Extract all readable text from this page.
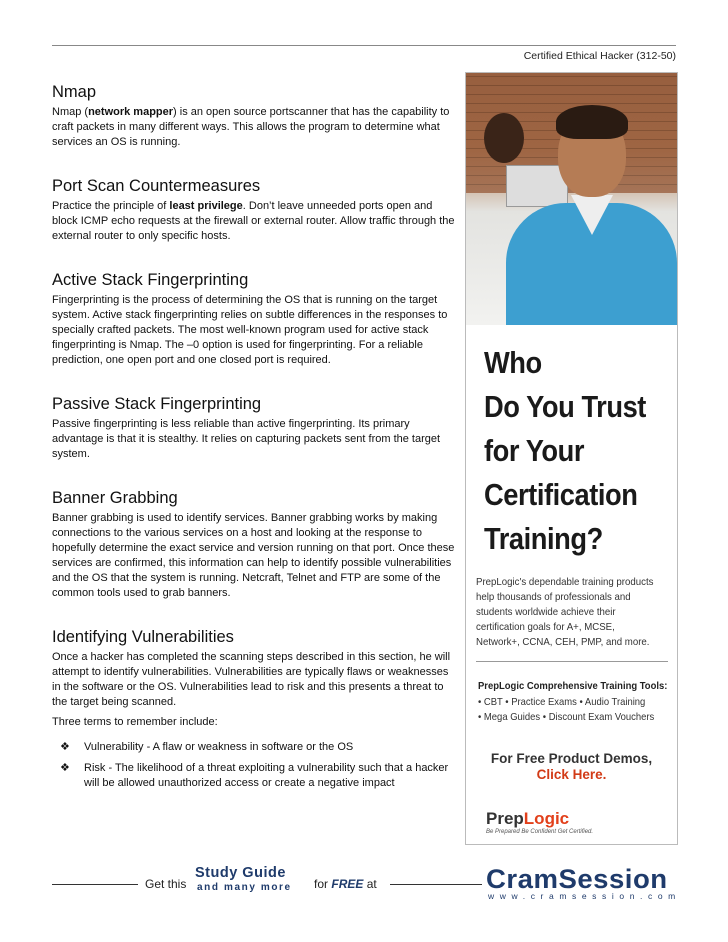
Certified Ethical Hacker (312-50)
Nmap

Nmap (network mapper) is an open source portscanner that has the capability to craft packets in many different ways. This allows the program to determine what services an OS is running.

Port Scan Countermeasures

Practice the principle of least privilege. Don’t leave unneeded ports open and block ICMP echo requests at the firewall or external router. Allow traffic through the external router to only specific hosts.

Active Stack Fingerprinting

Fingerprinting is the process of determining the OS that is running on the target system. Active stack fingerprinting relies on subtle differences in the responses to specially crafted packets. The most well-known program used for active stack fingerprinting is Nmap. The –0 option is used for fingerprinting. For a reliable prediction, one open port and one closed port is required.

Passive Stack Fingerprinting

Passive fingerprinting is less reliable than active fingerprinting. Its primary advantage is that it is stealthy. It relies on capturing packets sent from the target system.

Banner Grabbing

Banner grabbing is used to identify services. Banner grabbing works by making connections to the various services on a host and looking at the response to hopefully determine the exact service and version running on that port. Once these services are confirmed, this information can help to identify possible vulnerabilities and the OS that the system is running. Netcraft, Telnet and FTP are some of the common tools used to grab banners.

Identifying Vulnerabilities

Once a hacker has completed the scanning steps described in this section, he will attempt to identify vulnerabilities. Vulnerabilities are typically flaws or weaknesses in the software or the OS. Vulnerabilities lead to risk and this presents a threat to the target being scanned.

Three terms to remember include:

❖ Vulnerability - A flaw or weakness in software or the OS
❖ Risk - The likelihood of a threat exploiting a vulnerability such that a hacker will be allowed unauthorized access or create a negative impact
Who
Do You Trust
for Your
Certification
Training?
PrepLogic's dependable training products help thousands of professionals and students worldwide achieve their certification goals for A+, MCSE, Network+, CCNA, CEH, PMP, and more.
PrepLogic Comprehensive Training Tools:
• CBT • Practice Exams • Audio Training
• Mega Guides • Discount Exam Vouchers
For Free Product Demos,
Click Here.
PrepLogic
Be Prepared Be Confident Get Certified.
Get this
Study Guide
and many more for FREE at	CramSession
www.cramsession.com
